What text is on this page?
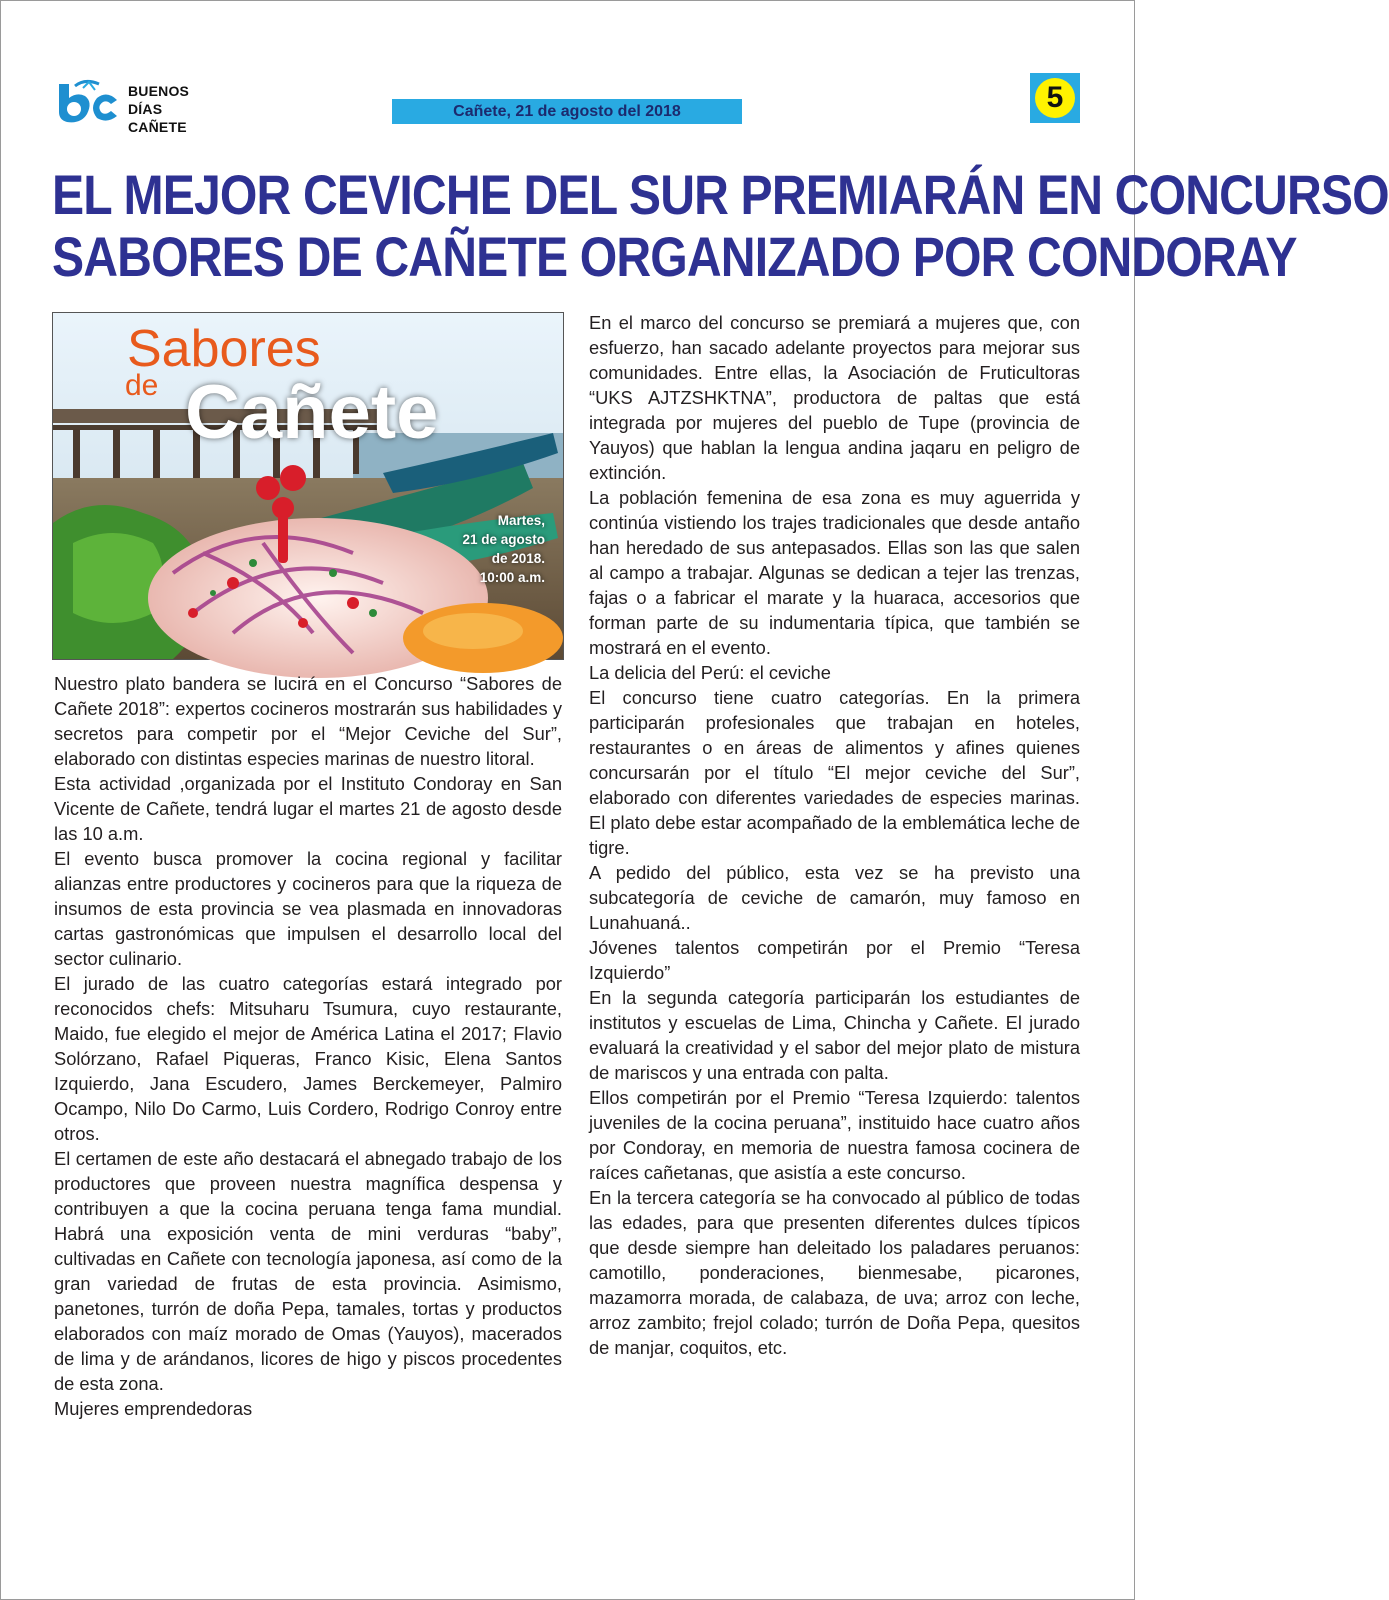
BUENOS
DÍAS CAÑETE
Cañete, 21 de agosto del 2018	5
EL MEJOR CEVICHE DEL SUR PREMIARÁN EN CONCURSO
SABORES DE CAÑETE ORGANIZADO POR CONDORAY
Sabores
de Cañete
Martes,
21 de agosto
de 2018.
10:00 a.m.

Nuestro plato bandera se lucirá en el Concurso “Sabores de Cañete 2018”: expertos cocineros mostrarán sus habilidades y secretos para competir por el “Mejor Ceviche del Sur”, elaborado con distintas especies marinas de nuestro litoral.

Esta actividad ,organizada por el Instituto Condoray en San Vicente de Cañete, tendrá lugar el martes 21 de agosto desde las 10 a.m.

El evento busca promover la cocina regional y facilitar alianzas entre productores y cocineros para que la riqueza de insumos de esta provincia se vea plasmada en innovadoras cartas gastronómicas que impulsen el desarrollo local del sector culinario.

El jurado de las cuatro categorías estará integrado por reconocidos chefs: Mitsuharu Tsumura, cuyo restaurante, Maido, fue elegido el mejor de América Latina el 2017; Flavio Solórzano, Rafael Piqueras, Franco Kisic, Elena Santos Izquierdo, Jana Escudero, James Berckemeyer, Palmiro Ocampo, Nilo Do Carmo, Luis Cordero, Rodrigo Conroy entre otros.

El certamen de este año destacará el abnegado trabajo de los productores que proveen nuestra magnífica despensa y contribuyen a que la cocina peruana tenga fama mundial. Habrá una exposición venta de mini verduras “baby”, cultivadas en Cañete con tecnología japonesa, así como de la gran variedad de frutas de esta provincia. Asimismo, panetones, turrón de doña Pepa, tamales, tortas y productos elaborados con maíz morado de Omas (Yauyos), macerados de lima y de arándanos, licores de higo y piscos procedentes de esta zona.

Mujeres emprendedoras

En el marco del concurso se premiará a mujeres que, con esfuerzo, han sacado adelante proyectos para mejorar sus comunidades. Entre ellas, la Asociación de Fruticultoras “UKS AJTZSHKTNA”, productora de paltas que está integrada por mujeres del pueblo de Tupe (provincia de Yauyos) que hablan la lengua andina jaqaru en peligro de extinción.

La población femenina de esa zona es muy aguerrida y continúa vistiendo los trajes tradicionales que desde antaño han heredado de sus antepasados. Ellas son las que salen al campo a trabajar. Algunas se dedican a tejer las trenzas, fajas o a fabricar el marate y la huaraca, accesorios que forman parte de su indumentaria típica, que también se mostrará en el evento.

La delicia del Perú: el ceviche

El concurso tiene cuatro categorías. En la primera participarán profesionales que trabajan en hoteles, restaurantes o en áreas de alimentos y afines quienes concursarán por el título “El mejor ceviche del Sur”, elaborado con diferentes variedades de especies marinas. El plato debe estar acompañado de la emblemática leche de tigre.

A pedido del público, esta vez se ha previsto una subcategoría de ceviche de camarón, muy famoso en Lunahuaná..

Jóvenes talentos competirán por el Premio “Teresa Izquierdo”

En la segunda categoría participarán los estudiantes de institutos y escuelas de Lima, Chincha y Cañete. El jurado evaluará la creatividad y el sabor del mejor plato de mistura de mariscos y una entrada con palta.

Ellos competirán por el Premio “Teresa Izquierdo: talentos juveniles de la cocina peruana”, instituido hace cuatro años por Condoray, en memoria de nuestra famosa cocinera de raíces cañetanas, que asistía a este concurso.

En la tercera categoría se ha convocado al público de todas las edades, para que presenten diferentes dulces típicos que desde siempre han deleitado los paladares peruanos: camotillo, ponderaciones, bienmesabe, picarones, mazamorra morada, de calabaza, de uva; arroz con leche, arroz zambito; frejol colado; turrón de Doña Pepa, quesitos de manjar, coquitos, etc.
